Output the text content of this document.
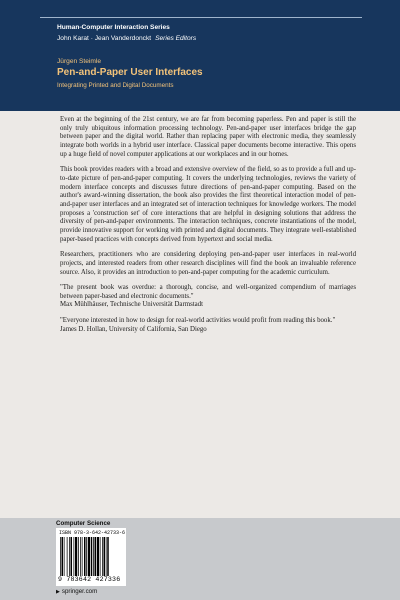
Human-Computer Interaction Series
John Karat · Jean Vanderdonckt Series Editors
Jürgen Steimle
Pen-and-Paper User Interfaces
Integrating Printed and Digital Documents

Even at the beginning of the 21st century, we are far from becoming paperless. Pen and paper is still the only truly ubiquitous information processing technology. Pen-and-paper user interfaces bridge the gap between paper and the digital world. Rather than replacing paper with electronic media, they seamlessly integrate both worlds in a hybrid user interface. Classical paper documents become interactive. This opens up a huge field of novel computer applications at our workplaces and in our homes.

This book provides readers with a broad and extensive overview of the field, so as to provide a full and up-to-date picture of pen-and-paper computing. It covers the underlying technologies, reviews the variety of modern interface concepts and discusses future directions of pen-and-paper computing. Based on the author's award-winning dissertation, the book also provides the first theoretical interaction model of pen-and-paper user interfaces and an integrated set of interaction techniques for knowledge workers. The model proposes a 'construction set' of core interactions that are helpful in designing solutions that address the diversity of pen-and-paper environments. The interaction techniques, concrete instantiations of the model, provide innovative support for working with printed and digital documents. They integrate well-established paper-based practices with concepts derived from hypertext and social media.

Researchers, practitioners who are considering deploying pen-and-paper user interfaces in real-world projects, and interested readers from other research disciplines will find the book an invaluable reference source. Also, it provides an introduction to pen-and-paper computing for the academic curriculum.

"The present book was overdue: a thorough, concise, and well-organized compendium of marriages between paper-based and electronic documents."

Max Mühlhäuser, Technische Universität Darmstadt

"Everyone interested in how to design for real-world activities would profit from reading this book."

James D. Hollan, University of California, San Diego

Computer Science
ISBN 978-3-642-42733-6
9 783642 427336
▶ springer.com
